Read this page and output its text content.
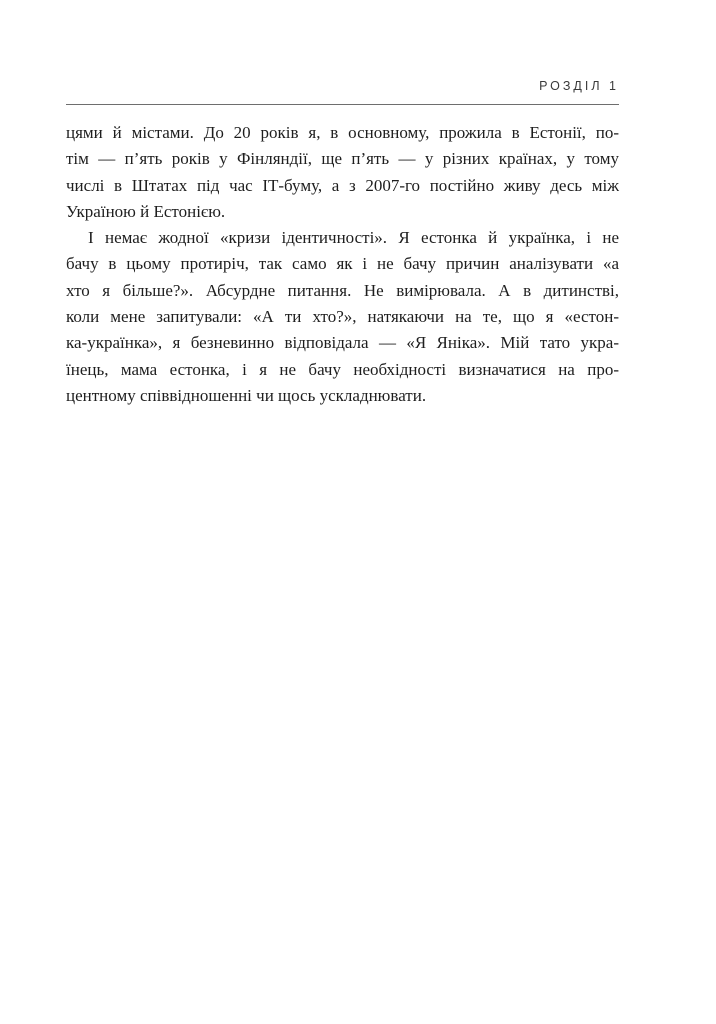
РОЗДІЛ 1

цями й містами. До 20 років я, в основному, прожила в Естонії, по-
тім — п’ять років у Фінляндії, ще п’ять — у різних країнах, у тому
числі в Штатах під час ІТ-буму, а з 2007-го постійно живу десь між
Україною й Естонією.

І немає жодної «кризи ідентичності». Я естонка й українка, і не
бачу в цьому протиріч, так само як і не бачу причин аналізувати «а
хто я більше?». Абсурдне питання. Не вимірювала. А в дитинстві,
коли мене запитували: «А ти хто?», натякаючи на те, що я «естон-
ка-українка», я безневинно відповідала — «Я Яніка». Мій тато укра-
їнець, мама естонка, і я не бачу необхідності визначатися на про-
центному співвідношенні чи щось ускладнювати.
